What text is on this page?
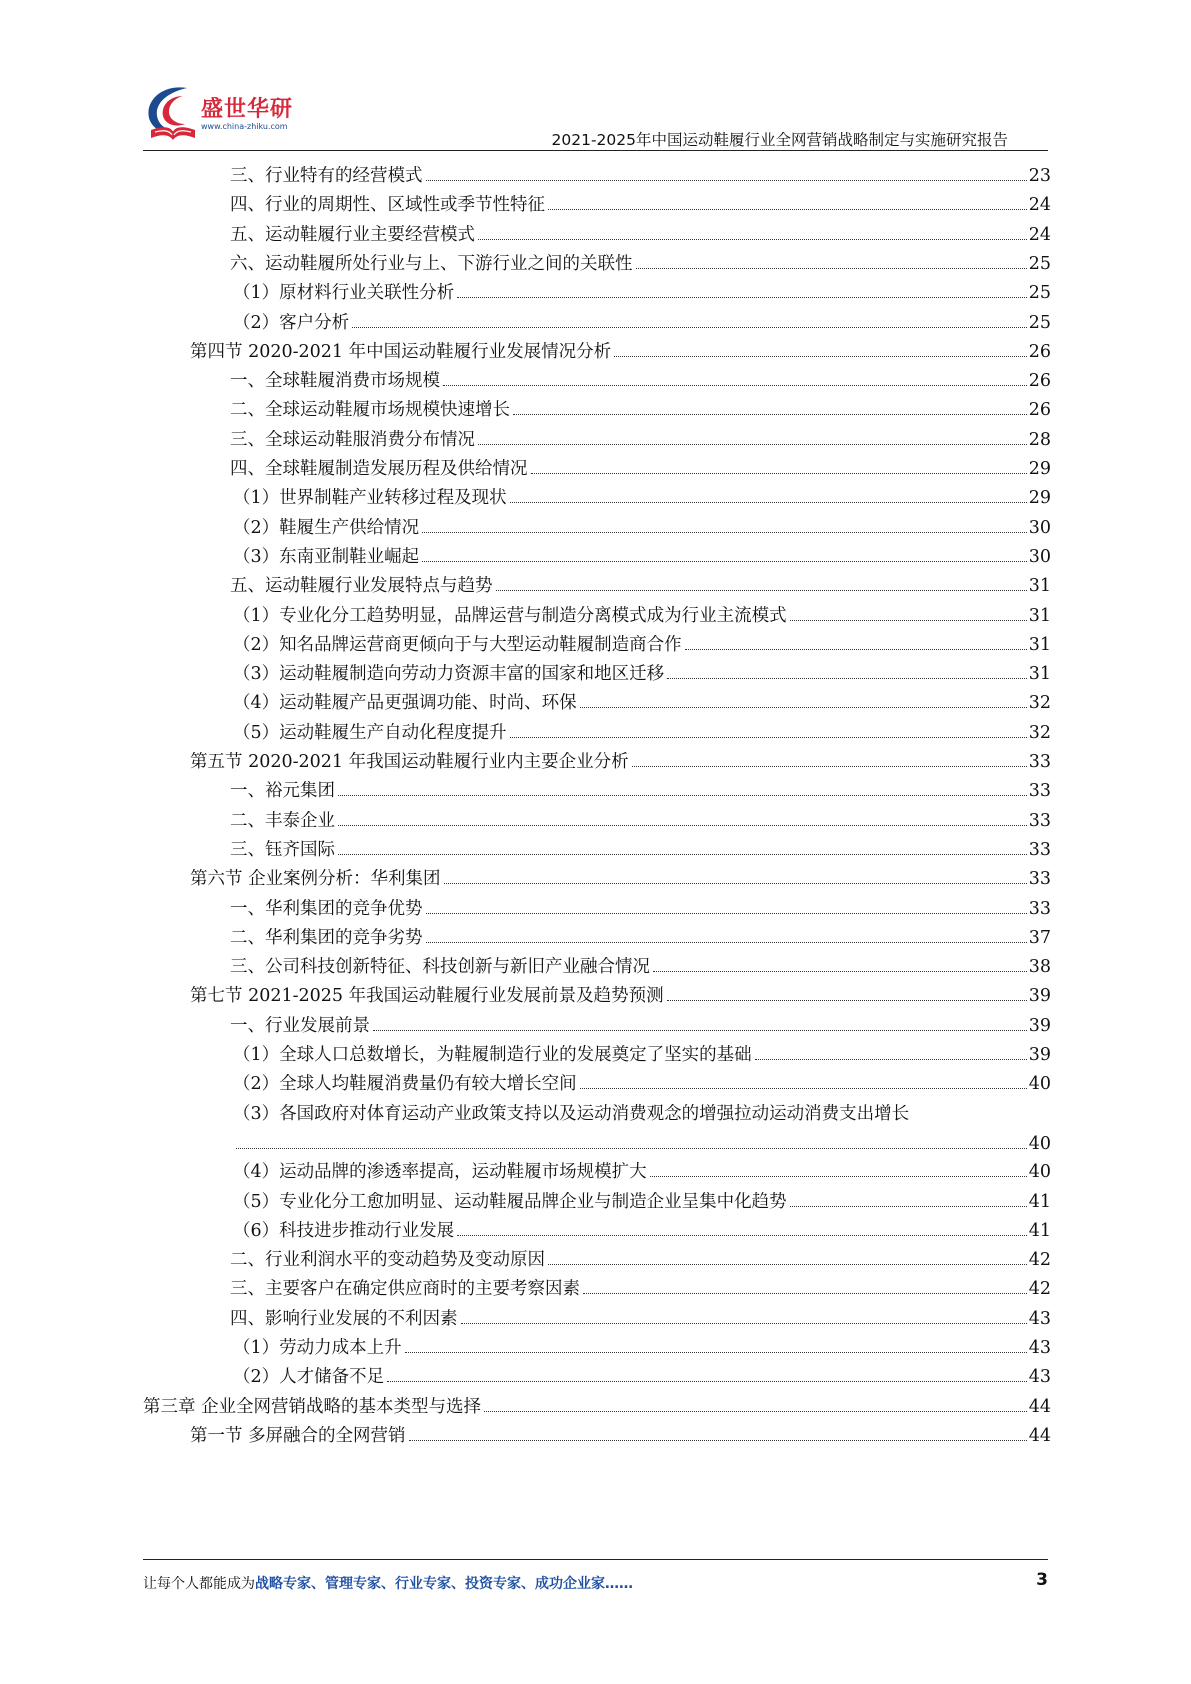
盛世华研
www.china-zhiku.com
2021-2025年中国运动鞋履行业全网营销战略制定与实施研究报告
三、行业特有的经营模式	23
四、行业的周期性、区域性或季节性特征	24
五、运动鞋履行业主要经营模式	24
六、运动鞋履所处行业与上、下游行业之间的关联性	25
（1）原材料行业关联性分析	25
（2）客户分析	25
第四节 2020-2021 年中国运动鞋履行业发展情况分析	26
一、全球鞋履消费市场规模	26
二、全球运动鞋履市场规模快速增长	26
三、全球运动鞋服消费分布情况	28
四、全球鞋履制造发展历程及供给情况	29
（1）世界制鞋产业转移过程及现状	29
（2）鞋履生产供给情况	30
（3）东南亚制鞋业崛起	30
五、运动鞋履行业发展特点与趋势	31
（1）专业化分工趋势明显，品牌运营与制造分离模式成为行业主流模式	31
（2）知名品牌运营商更倾向于与大型运动鞋履制造商合作	31
（3）运动鞋履制造向劳动力资源丰富的国家和地区迁移	31
（4）运动鞋履产品更强调功能、时尚、环保	32
（5）运动鞋履生产自动化程度提升	32
第五节 2020-2021 年我国运动鞋履行业内主要企业分析	33
一、裕元集团	33
二、丰泰企业	33
三、钰齐国际	33
第六节 企业案例分析：华利集团	33
一、华利集团的竞争优势	33
二、华利集团的竞争劣势	37
三、公司科技创新特征、科技创新与新旧产业融合情况	38
第七节 2021-2025 年我国运动鞋履行业发展前景及趋势预测	39
一、行业发展前景	39
（1）全球人口总数增长，为鞋履制造行业的发展奠定了坚实的基础	39
（2）全球人均鞋履消费量仍有较大增长空间	40
（3）各国政府对体育运动产业政策支持以及运动消费观念的增强拉动运动消费支出增长
40
（4）运动品牌的渗透率提高，运动鞋履市场规模扩大	40
（5）专业化分工愈加明显、运动鞋履品牌企业与制造企业呈集中化趋势	41
（6）科技进步推动行业发展	41
二、行业利润水平的变动趋势及变动原因	42
三、主要客户在确定供应商时的主要考察因素	42
四、影响行业发展的不利因素	43
（1）劳动力成本上升	43
（2）人才储备不足	43
第三章 企业全网营销战略的基本类型与选择	44
第一节 多屏融合的全网营销	44
让每个人都能成为战略专家、管理专家、行业专家、投资专家、成功企业家……	3
